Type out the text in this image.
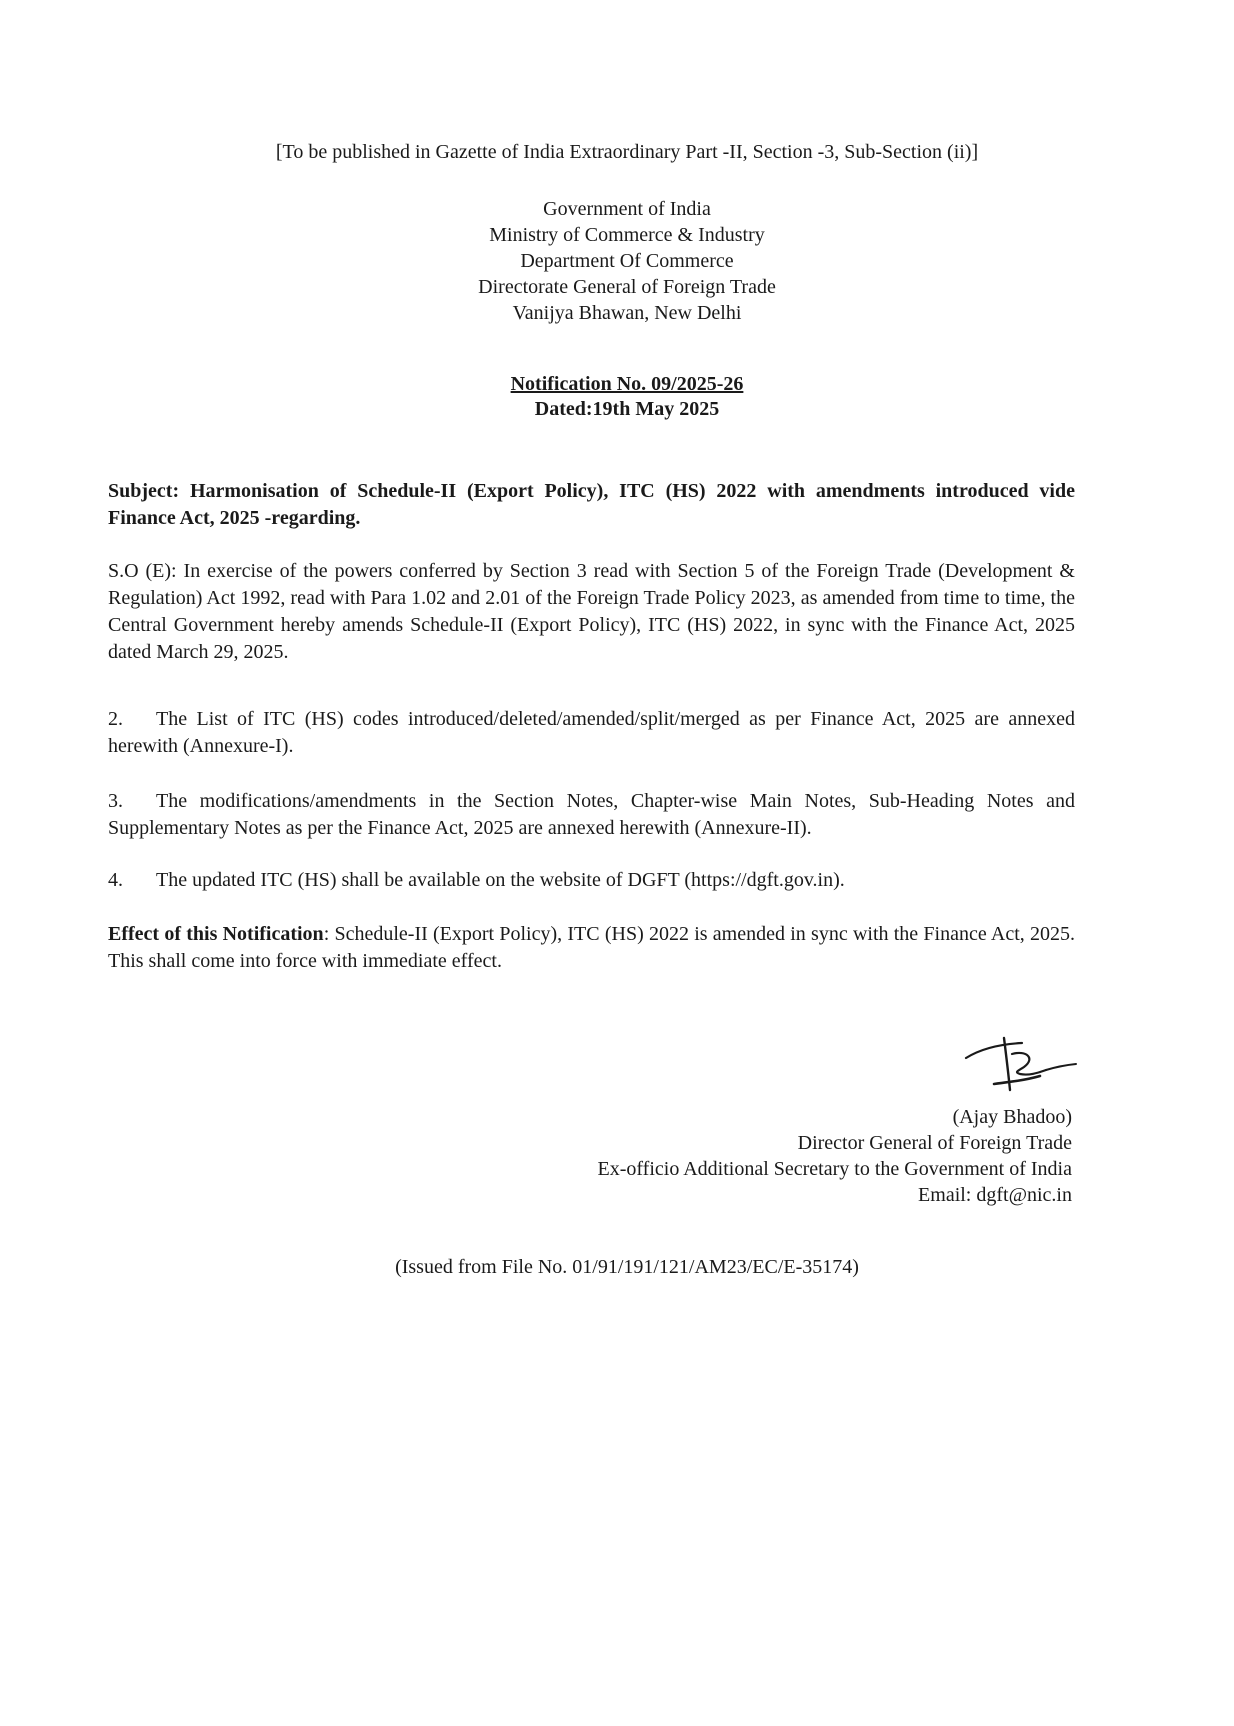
[To be published in Gazette of India Extraordinary Part -II, Section -3, Sub-Section (ii)]
Government of India
Ministry of Commerce & Industry
Department Of Commerce
Directorate General of Foreign Trade
Vanijya Bhawan, New Delhi
Notification No. 09/2025-26
Dated:19th May 2025
Subject: Harmonisation of Schedule-II (Export Policy), ITC (HS) 2022 with amendments introduced vide Finance Act, 2025 -regarding.
S.O (E): In exercise of the powers conferred by Section 3 read with Section 5 of the Foreign Trade (Development & Regulation) Act 1992, read with Para 1.02 and 2.01 of the Foreign Trade Policy 2023, as amended from time to time, the Central Government hereby amends Schedule-II (Export Policy), ITC (HS) 2022, in sync with the Finance Act, 2025 dated March 29, 2025.
2. The List of ITC (HS) codes introduced/deleted/amended/split/merged as per Finance Act, 2025 are annexed herewith (Annexure-I).
3. The modifications/amendments in the Section Notes, Chapter-wise Main Notes, Sub-Heading Notes and Supplementary Notes as per the Finance Act, 2025 are annexed herewith (Annexure-II).
4. The updated ITC (HS) shall be available on the website of DGFT (https://dgft.gov.in).
Effect of this Notification: Schedule-II (Export Policy), ITC (HS) 2022 is amended in sync with the Finance Act, 2025. This shall come into force with immediate effect.
(Ajay Bhadoo)
Director General of Foreign Trade
Ex-officio Additional Secretary to the Government of India
Email: dgft@nic.in
(Issued from File No. 01/91/191/121/AM23/EC/E-35174)
